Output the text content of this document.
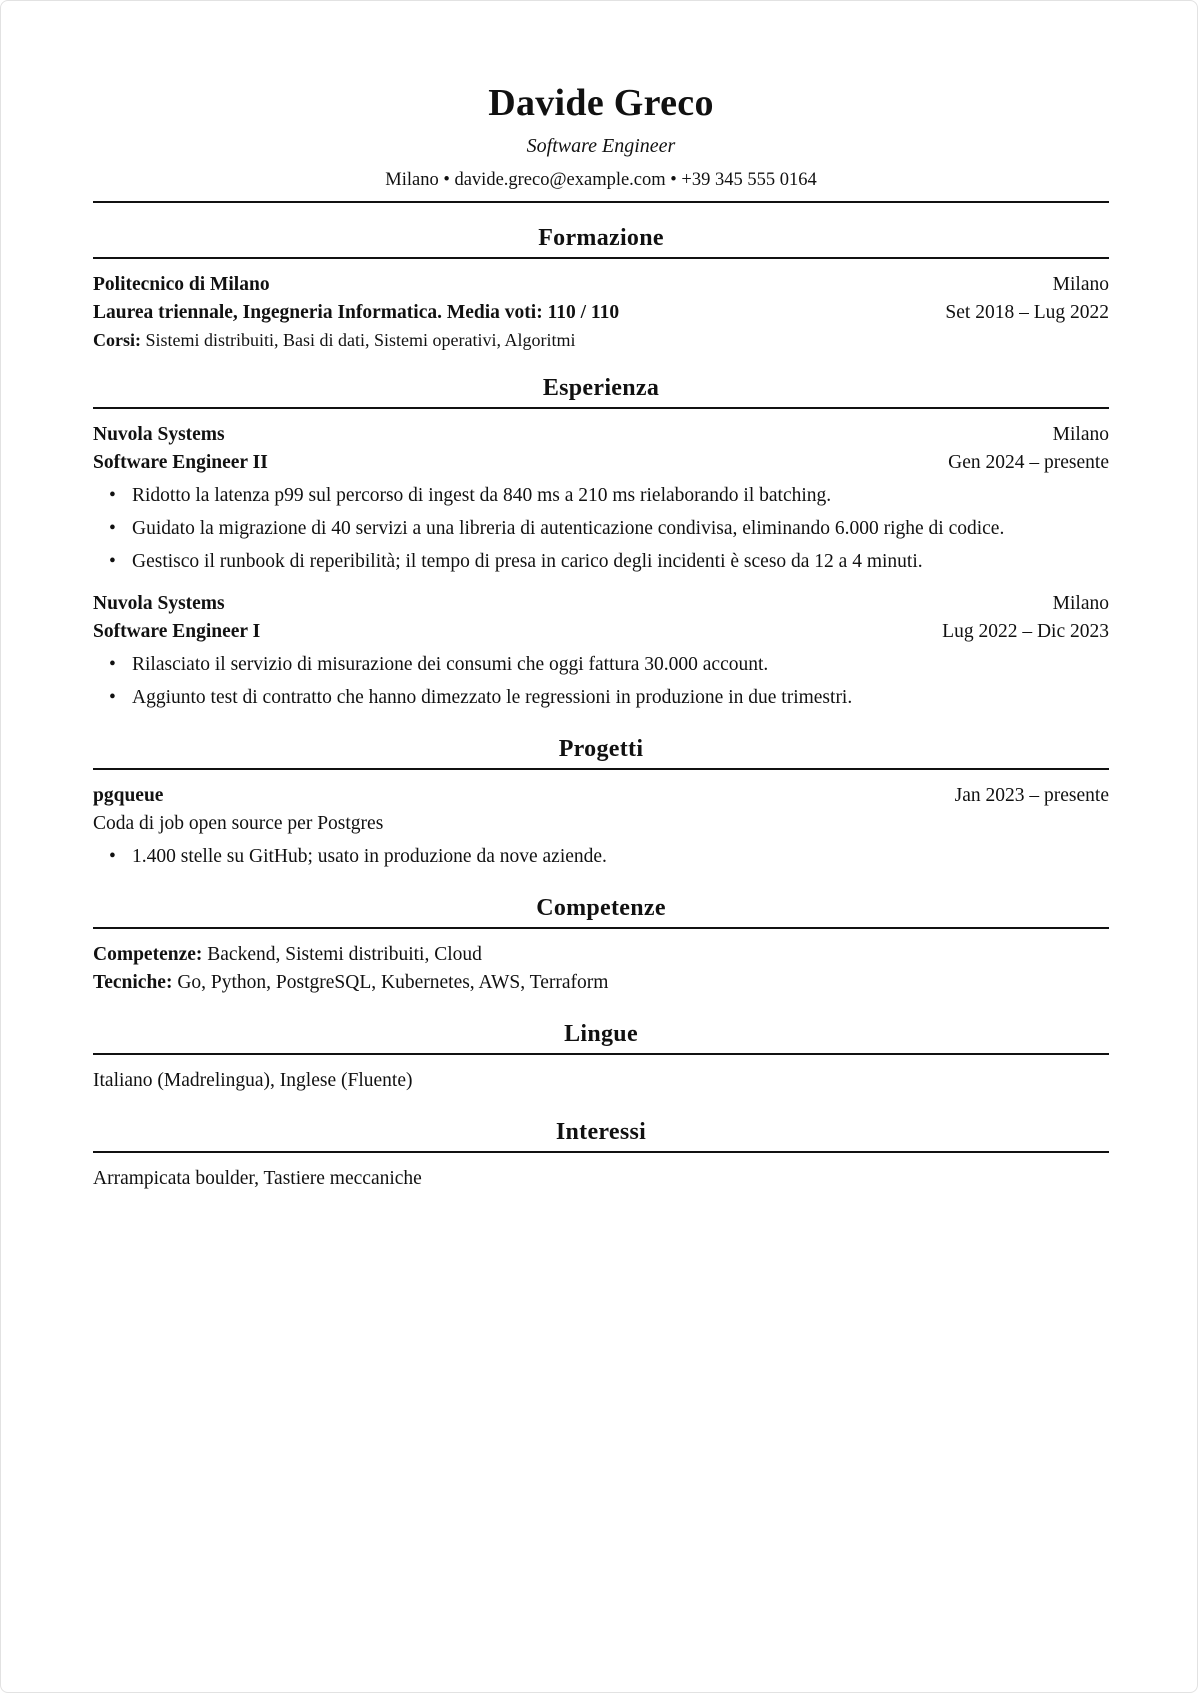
Davide Greco
Software Engineer
Milano • davide.greco@example.com • +39 345 555 0164
Formazione
Politecnico di Milano	Milano
Laurea triennale, Ingegneria Informatica. Media voti: 110 / 110	Set 2018 – Lug 2022
Corsi: Sistemi distribuiti, Basi di dati, Sistemi operativi, Algoritmi
Esperienza
Nuvola Systems	Milano
Software Engineer II	Gen 2024 – presente
• Ridotto la latenza p99 sul percorso di ingest da 840 ms a 210 ms rielaborando il batching.
• Guidato la migrazione di 40 servizi a una libreria di autenticazione condivisa, eliminando 6.000 righe di codice.
• Gestisco il runbook di reperibilità; il tempo di presa in carico degli incidenti è sceso da 12 a 4 minuti.
Nuvola Systems	Milano
Software Engineer I	Lug 2022 – Dic 2023
• Rilasciato il servizio di misurazione dei consumi che oggi fattura 30.000 account.
• Aggiunto test di contratto che hanno dimezzato le regressioni in produzione in due trimestri.
Progetti
pgqueue	Jan 2023 – presente
Coda di job open source per Postgres
• 1.400 stelle su GitHub; usato in produzione da nove aziende.
Competenze
Competenze: Backend, Sistemi distribuiti, Cloud
Tecniche: Go, Python, PostgreSQL, Kubernetes, AWS, Terraform
Lingue
Italiano (Madrelingua), Inglese (Fluente)
Interessi
Arrampicata boulder, Tastiere meccaniche
